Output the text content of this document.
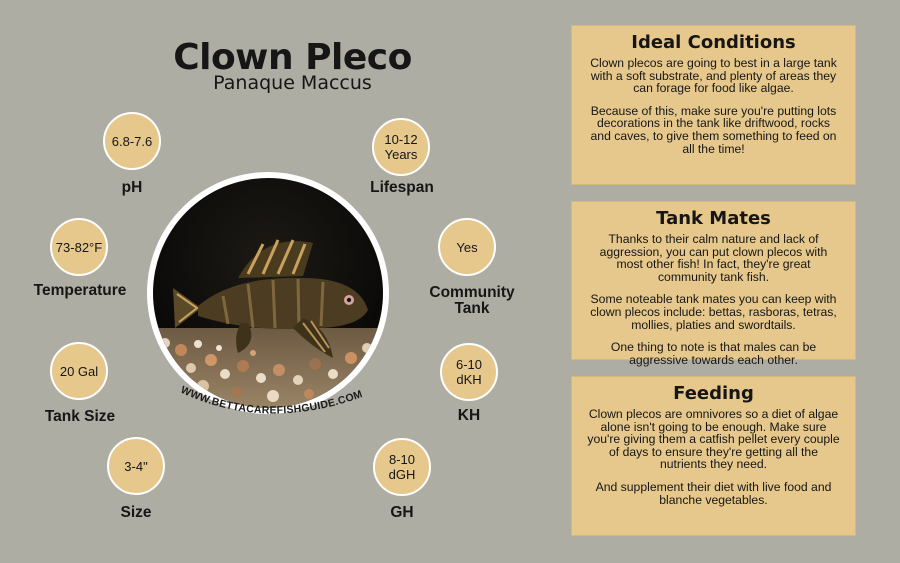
Clown Pleco
Panaque Maccus
6.8-7.6
pH
73-82°F
Temperature
20 Gal
Tank Size
3-4"
Size
10-12
Years
Lifespan
Yes
Community
Tank
6-10
dKH
KH
8-10
dGH
GH
WWW.BETTACAREFISHGUIDE.COM
Ideal Conditions

Clown plecos are going to best in a large tank with a soft substrate, and plenty of areas they can forage for food like algae.

Because of this, make sure you're putting lots decorations in the tank like driftwood, rocks and caves, to give them something to feed on all the time!

Tank Mates

Thanks to their calm nature and lack of aggression, you can put clown plecos with most other fish! In fact, they're great community tank fish.

Some noteable tank mates you can keep with clown plecos include: bettas, rasboras, tetras, mollies, platies and swordtails.

One thing to note is that males can be aggressive towards each other.

Feeding

Clown plecos are omnivores so a diet of algae alone isn't going to be enough. Make sure you're giving them a catfish pellet every couple of days to ensure they're getting all the nutrients they need.

And supplement their diet with live food and blanche vegetables.
